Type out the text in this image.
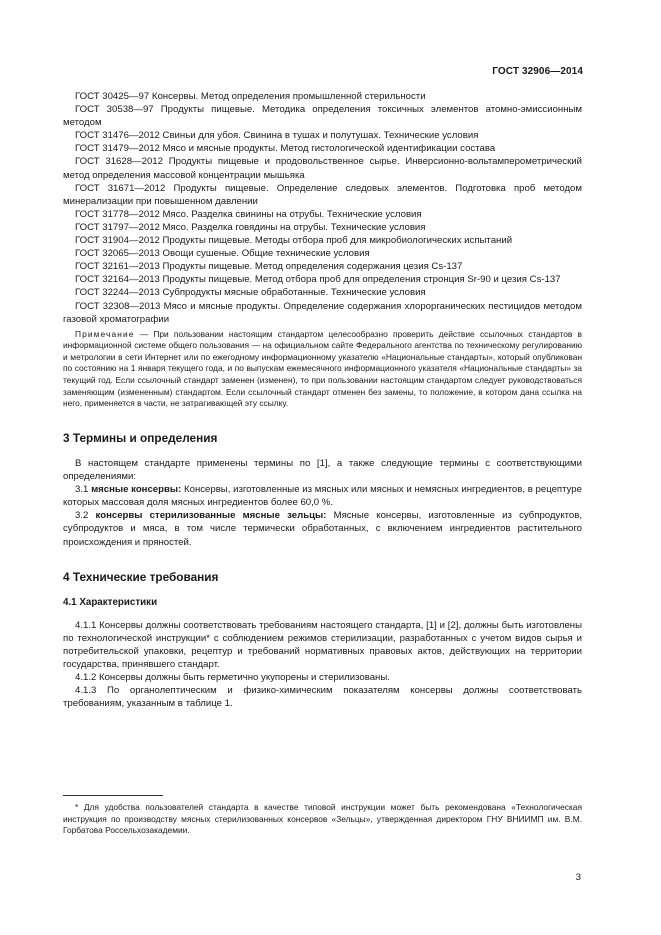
ГОСТ 32906—2014

ГОСТ 30425—97 Консервы. Метод определения промышленной стерильности

ГОСТ 30538—97 Продукты пищевые. Методика определения токсичных элементов атомно-эмиссионным методом

ГОСТ 31476—2012 Свиньи для убоя. Свинина в тушах и полутушах. Технические условия

ГОСТ 31479—2012 Мясо и мясные продукты. Метод гистологической идентификации состава

ГОСТ 31628—2012 Продукты пищевые и продовольственное сырье. Инверсионно-вольтамперометрический метод определения массовой концентрации мышьяка

ГОСТ 31671—2012 Продукты пищевые. Определение следовых элементов. Подготовка проб методом минерализации при повышенном давлении

ГОСТ 31778—2012 Мясо. Разделка свинины на отрубы. Технические условия

ГОСТ 31797—2012 Мясо. Разделка говядины на отрубы. Технические условия

ГОСТ 31904—2012 Продукты пищевые. Методы отбора проб для микробиологических испытаний

ГОСТ 32065—2013 Овощи сушеные. Общие технические условия

ГОСТ 32161—2013 Продукты пищевые. Метод определения содержания цезия Cs-137

ГОСТ 32164—2013 Продукты пищевые. Метод отбора проб для определения стронция Sr-90 и цезия Cs-137

ГОСТ 32244—2013 Субпродукты мясные обработанные. Технические условия

ГОСТ 32308—2013 Мясо и мясные продукты. Определение содержания хлорорганических пестицидов методом газовой хроматографии

Примечание — При пользовании настоящим стандартом целесообразно проверить действие ссылочных стандартов в информационной системе общего пользования — на официальном сайте Федерального агентства по техническому регулированию и метрологии в сети Интернет или по ежегодному информационному указателю «Национальные стандарты», который опубликован по состоянию на 1 января текущего года, и по выпускам ежемесячного информационного указателя «Национальные стандарты» за текущий год. Если ссылочный стандарт заменен (изменен), то при пользовании настоящим стандартом следует руководствоваться заменяющим (измененным) стандартом. Если ссылочный стандарт отменен без замены, то положение, в котором дана ссылка на него, применяется в части, не затрагивающей эту ссылку.

3 Термины и определения

В настоящем стандарте применены термины по [1], а также следующие термины с соответствующими определениями:

3.1 мясные консервы: Консервы, изготовленные из мясных или мясных и немясных ингредиентов, в рецептуре которых массовая доля мясных ингредиентов более 60,0 %.

3.2 консервы стерилизованные мясные зельцы: Мясные консервы, изготовленные из субпродуктов, субпродуктов и мяса, в том числе термически обработанных, с включением ингредиентов растительного происхождения и пряностей.

4 Технические требования
4.1 Характеристики

4.1.1 Консервы должны соответствовать требованиям настоящего стандарта, [1] и [2], должны быть изготовлены по технологической инструкции* с соблюдением режимов стерилизации, разработанных с учетом видов сырья и потребительской упаковки, рецептур и требований нормативных правовых актов, действующих на территории государства, принявшего стандарт.

4.1.2 Консервы должны быть герметично укупорены и стерилизованы.

4.1.3 По органолептическим и физико-химическим показателям консервы должны соответствовать требованиям, указанным в таблице 1.

* Для удобства пользователей стандарта в качестве типовой инструкции может быть рекомендована «Технологическая инструкция по производству мясных стерилизованных консервов «Зельцы», утвержденная директором ГНУ ВНИИМП им. В.М. Горбатова Россельхозакадемии.

3
